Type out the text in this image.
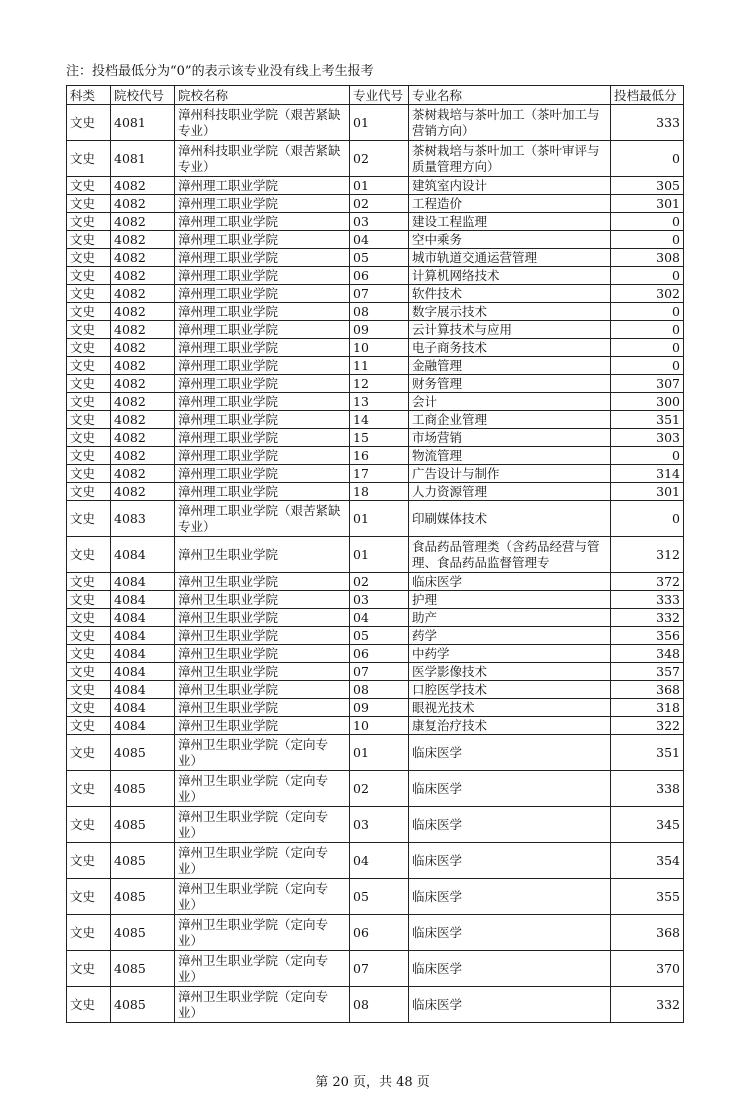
注：投档最低分为“0”的表示该专业没有线上考生报考
科类	院校代号	院校名称	专业代号	专业名称	投档最低分
文史	4081	漳州科技职业学院（艰苦紧缺专业）	01	茶树栽培与茶叶加工（茶叶加工与营销方向）	333
文史	4081	漳州科技职业学院（艰苦紧缺专业）	02	茶树栽培与茶叶加工（茶叶审评与质量管理方向）	0
文史	4082	漳州理工职业学院	01	建筑室内设计	305
文史	4082	漳州理工职业学院	02	工程造价	301
文史	4082	漳州理工职业学院	03	建设工程监理	0
文史	4082	漳州理工职业学院	04	空中乘务	0
文史	4082	漳州理工职业学院	05	城市轨道交通运营管理	308
文史	4082	漳州理工职业学院	06	计算机网络技术	0
文史	4082	漳州理工职业学院	07	软件技术	302
文史	4082	漳州理工职业学院	08	数字展示技术	0
文史	4082	漳州理工职业学院	09	云计算技术与应用	0
文史	4082	漳州理工职业学院	10	电子商务技术	0
文史	4082	漳州理工职业学院	11	金融管理	0
文史	4082	漳州理工职业学院	12	财务管理	307
文史	4082	漳州理工职业学院	13	会计	300
文史	4082	漳州理工职业学院	14	工商企业管理	351
文史	4082	漳州理工职业学院	15	市场营销	303
文史	4082	漳州理工职业学院	16	物流管理	0
文史	4082	漳州理工职业学院	17	广告设计与制作	314
文史	4082	漳州理工职业学院	18	人力资源管理	301
文史	4083	漳州理工职业学院（艰苦紧缺专业）	01	印刷媒体技术	0
文史	4084	漳州卫生职业学院	01	食品药品管理类（含药品经营与管理、食品药品监督管理专	312
文史	4084	漳州卫生职业学院	02	临床医学	372
文史	4084	漳州卫生职业学院	03	护理	333
文史	4084	漳州卫生职业学院	04	助产	332
文史	4084	漳州卫生职业学院	05	药学	356
文史	4084	漳州卫生职业学院	06	中药学	348
文史	4084	漳州卫生职业学院	07	医学影像技术	357
文史	4084	漳州卫生职业学院	08	口腔医学技术	368
文史	4084	漳州卫生职业学院	09	眼视光技术	318
文史	4084	漳州卫生职业学院	10	康复治疗技术	322
文史	4085	漳州卫生职业学院（定向专业）	01	临床医学	351
文史	4085	漳州卫生职业学院（定向专业）	02	临床医学	338
文史	4085	漳州卫生职业学院（定向专业）	03	临床医学	345
文史	4085	漳州卫生职业学院（定向专业）	04	临床医学	354
文史	4085	漳州卫生职业学院（定向专业）	05	临床医学	355
文史	4085	漳州卫生职业学院（定向专业）	06	临床医学	368
文史	4085	漳州卫生职业学院（定向专业）	07	临床医学	370
文史	4085	漳州卫生职业学院（定向专业）	08	临床医学	332
第 20 页，共 48 页
